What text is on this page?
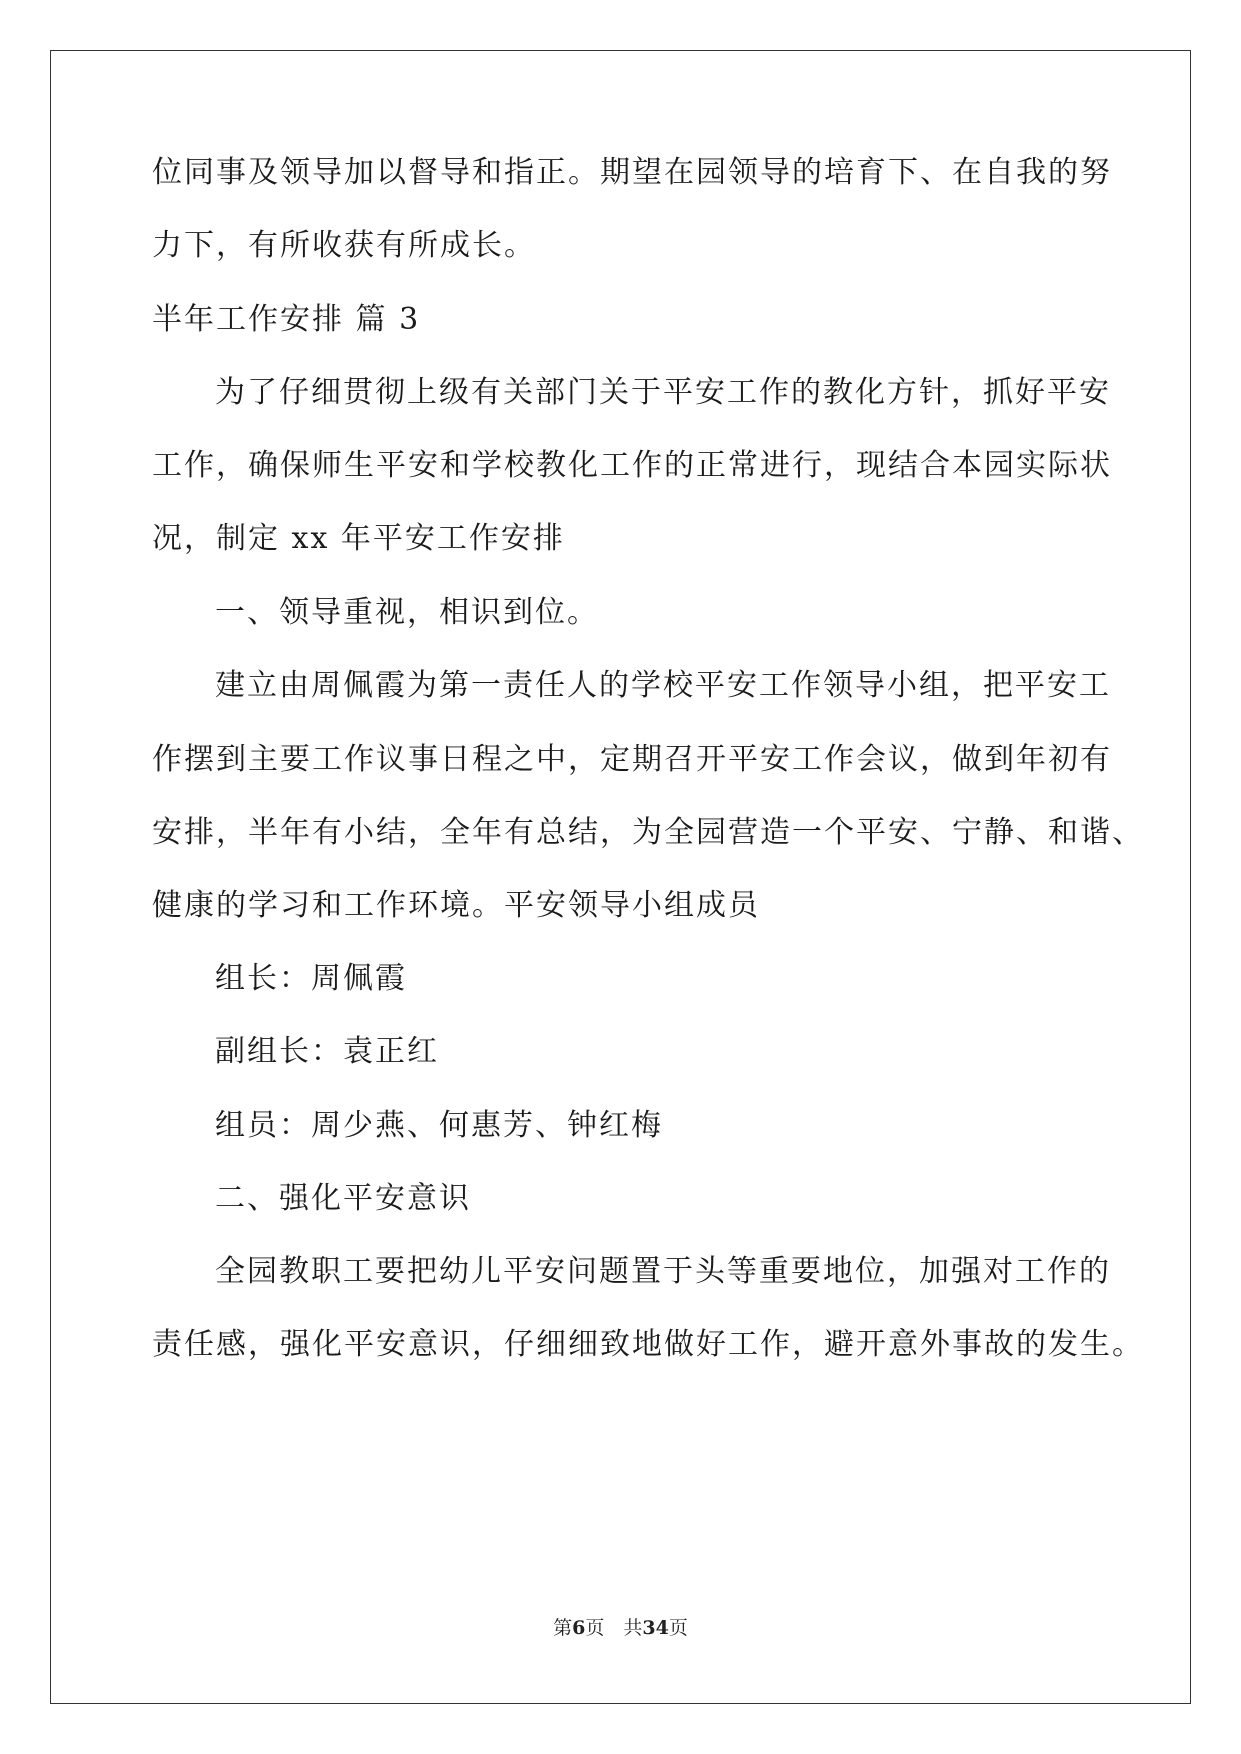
位同事及领导加以督导和指正。期望在园领导的培育下、在自我的努
力下，有所收获有所成长。
半年工作安排 篇 3
为了仔细贯彻上级有关部门关于平安工作的教化方针，抓好平安
工作，确保师生平安和学校教化工作的正常进行，现结合本园实际状
况，制定 xx 年平安工作安排
一、领导重视，相识到位。
建立由周佩霞为第一责任人的学校平安工作领导小组，把平安工
作摆到主要工作议事日程之中，定期召开平安工作会议，做到年初有
安排，半年有小结，全年有总结，为全园营造一个平安、宁静、和谐、
健康的学习和工作环境。平安领导小组成员
组长：周佩霞
副组长：袁正红
组员：周少燕、何惠芳、钟红梅
二、强化平安意识
全园教职工要把幼儿平安问题置于头等重要地位，加强对工作的
责任感，强化平安意识，仔细细致地做好工作，避开意外事故的发生。
第6页　共34页
